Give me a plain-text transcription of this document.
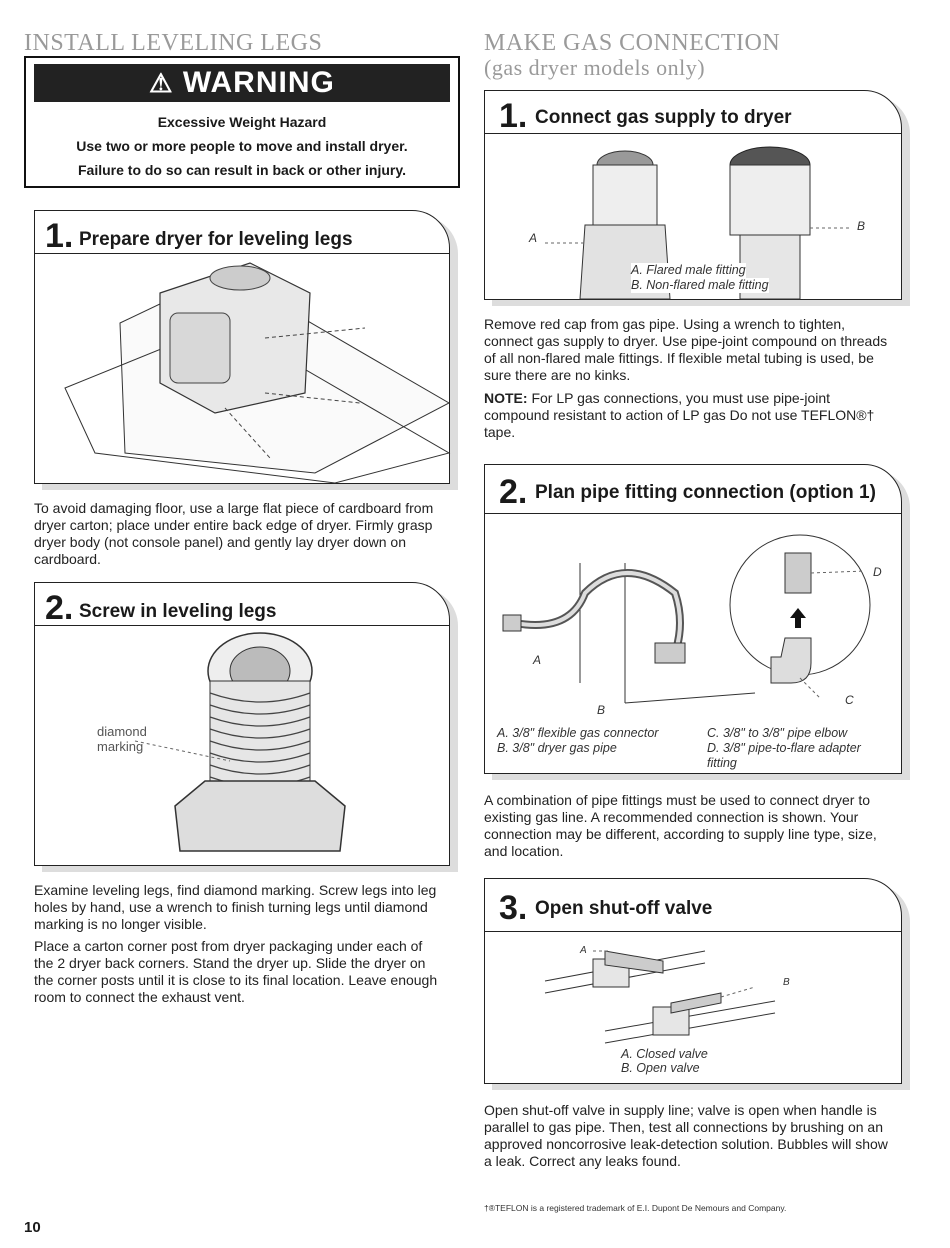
INSTALL LEVELING LEGS
⚠ WARNING
Excessive Weight Hazard
Use two or more people to move and install dryer.
Failure to do so can result in back or other injury.
1. Prepare dryer for leveling legs
To avoid damaging floor, use a large flat piece of cardboard from dryer carton; place under entire back edge of dryer. Firmly grasp dryer body (not console panel) and gently lay dryer down on cardboard.
2. Screw in leveling legs
diamond marking
Examine leveling legs, find diamond marking. Screw legs into leg holes by hand, use a wrench to finish turning legs until diamond marking is no longer visible.
Place a carton corner post from dryer packaging under each of the 2 dryer back corners. Stand the dryer up. Slide the dryer on the corner posts until it is close to its final location. Leave enough room to connect the exhaust vent.
MAKE GAS CONNECTION
(gas dryer models only)
1. Connect gas supply to dryer
A
B
A. Flared male fitting
B. Non-flared male fitting
Remove red cap from gas pipe. Using a wrench to tighten, connect gas supply to dryer. Use pipe-joint compound on threads of all non-flared male fittings. If flexible metal tubing is used, be sure there are no kinks.
NOTE: For LP gas connections, you must use pipe-joint compound resistant to action of LP gas Do not use TEFLON®† tape.
2. Plan pipe fitting connection (option 1)
A
B
C
D
A. 3/8" flexible gas connector
B. 3/8" dryer gas pipe
C. 3/8" to 3/8" pipe elbow
D. 3/8" pipe-to-flare adapter fitting
A combination of pipe fittings must be used to connect dryer to existing gas line. A recommended connection is shown. Your connection may be different, according to supply line type, size, and location.
3. Open shut-off valve
A
B
A. Closed valve
B. Open valve
Open shut-off valve in supply line; valve is open when handle is parallel to gas pipe. Then, test all connections by brushing on an approved noncorrosive leak-detection solution. Bubbles will show a leak. Correct any leaks found.
†®TEFLON is a registered trademark of E.I. Dupont De Nemours and Company.
10
